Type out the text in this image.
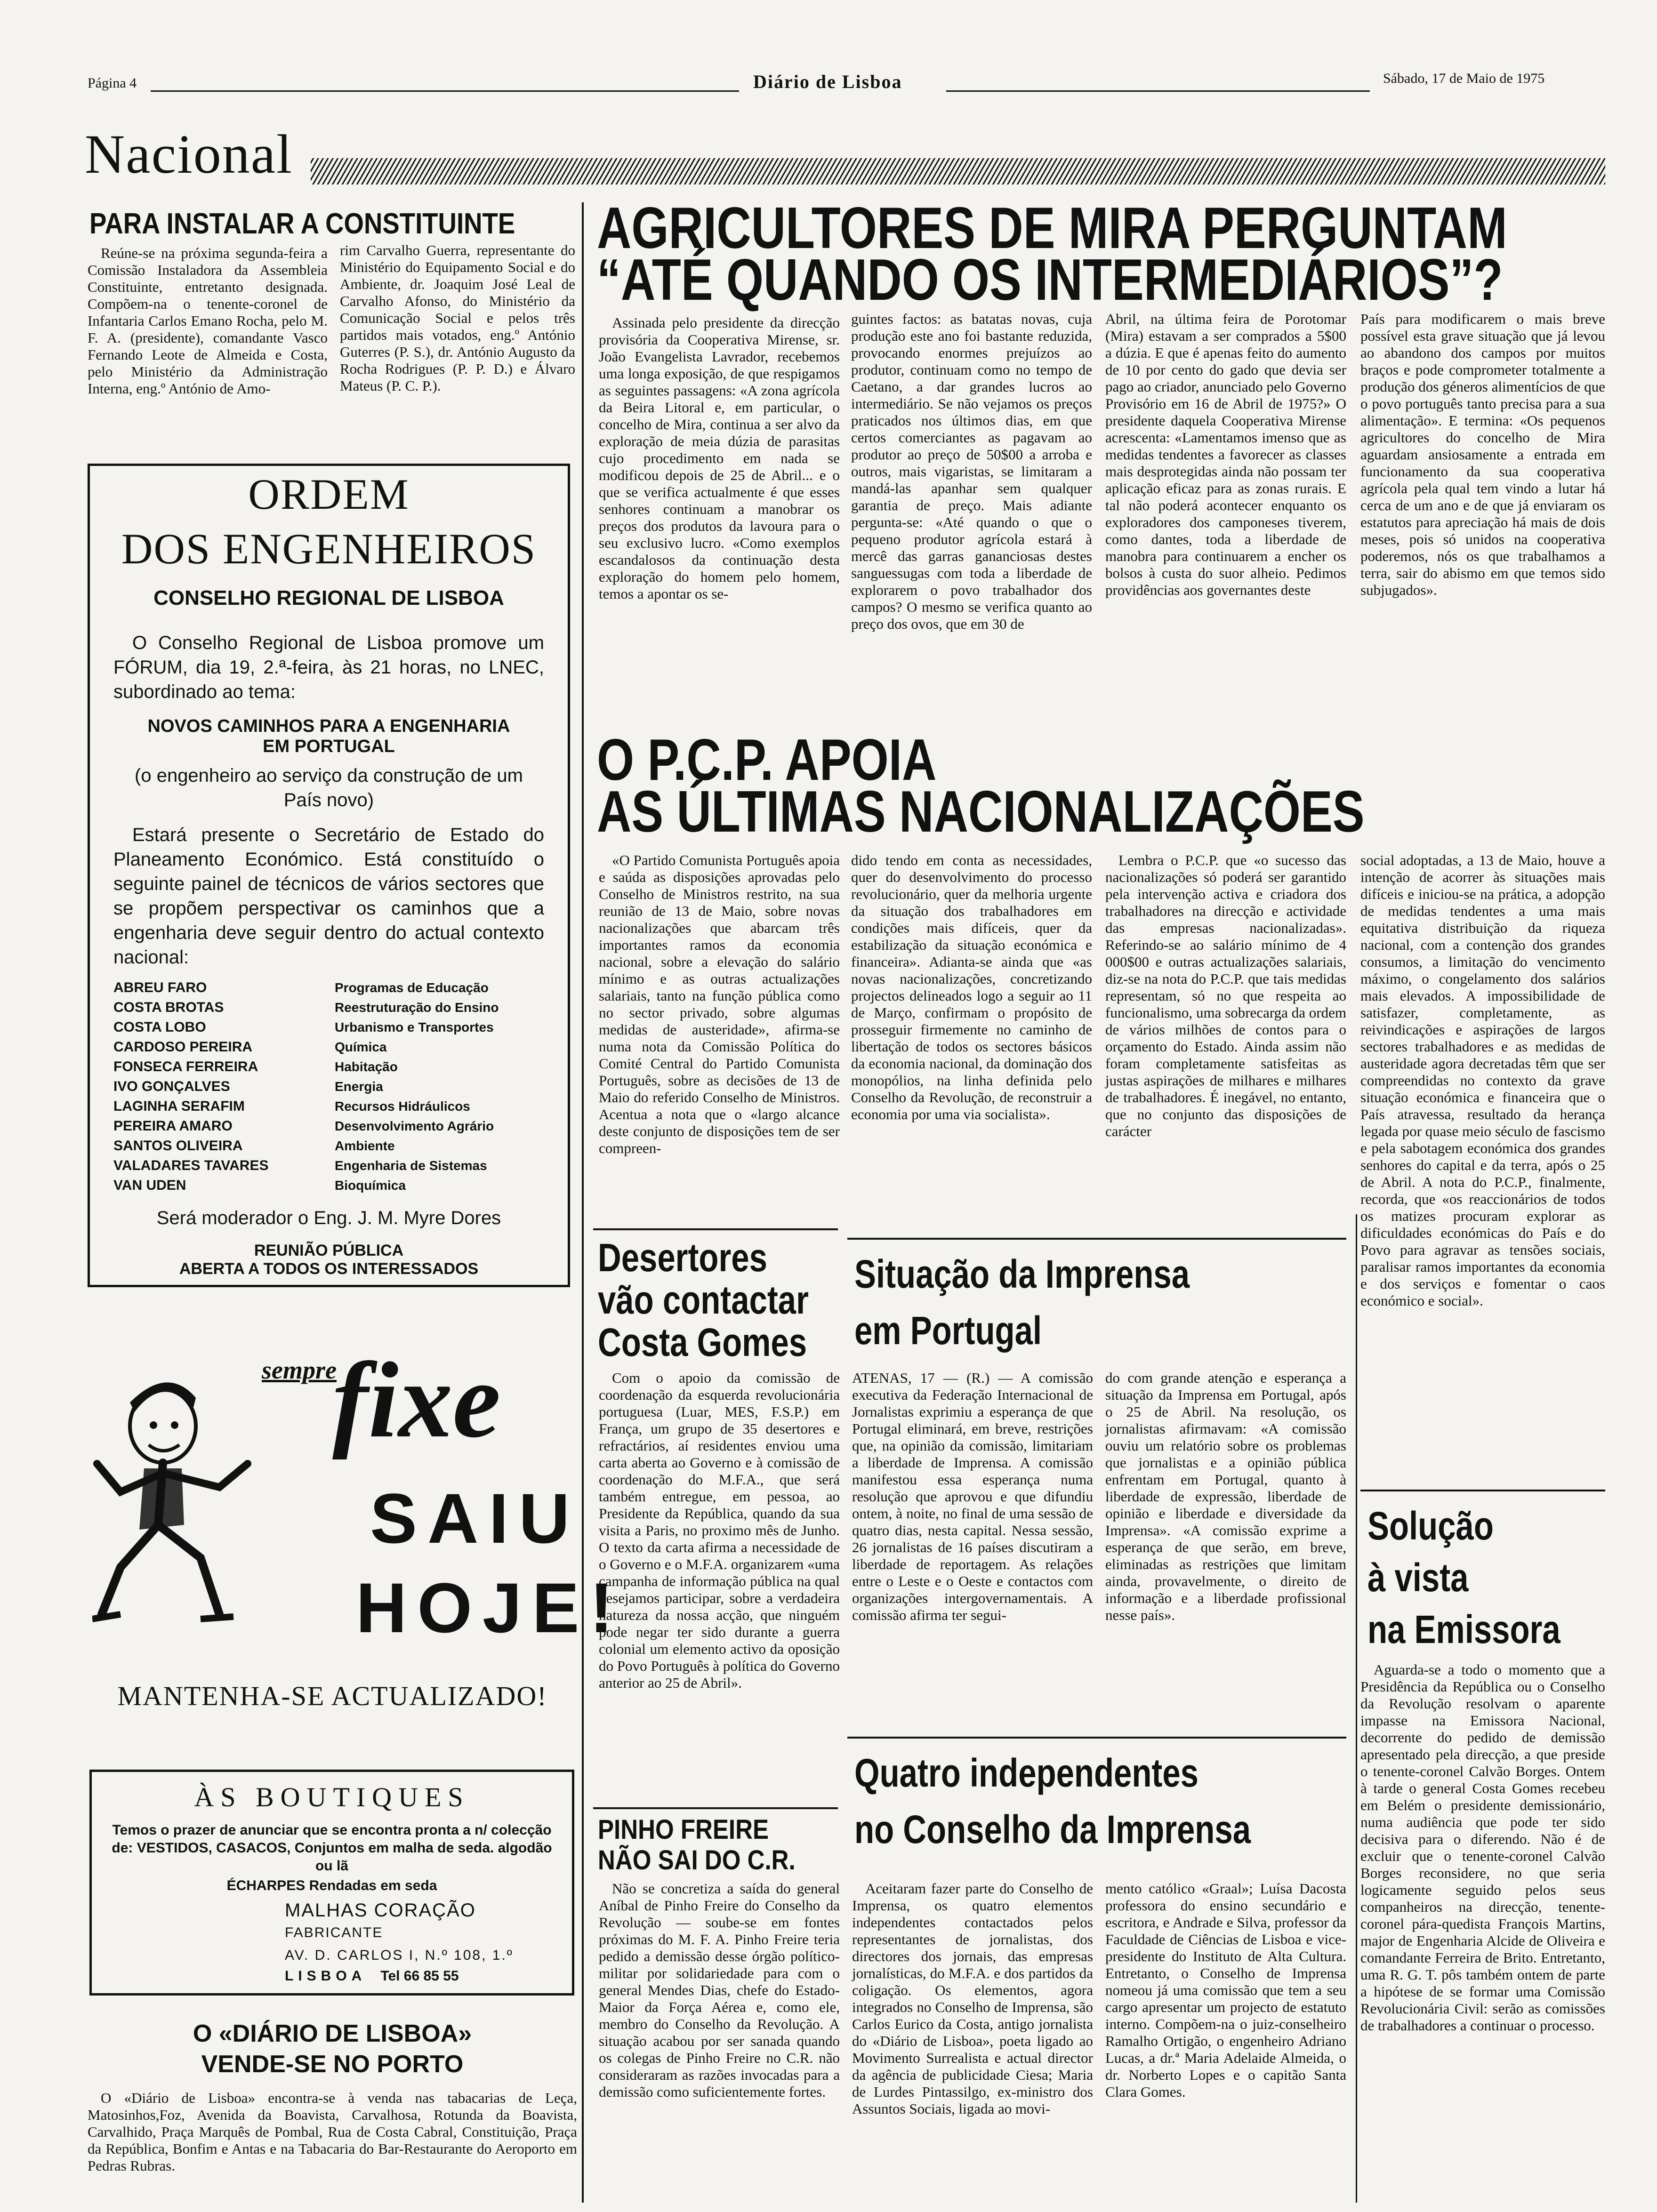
Página 4	Diário de Lisboa	Sábado, 17 de Maio de 1975
Nacional
PARA INSTALAR A CONSTITUINTE

Reúne-se na próxima segunda-feira a Comissão Instaladora da Assembleia Constituinte, entretanto designada. Compõem-na o tenente-coronel de Infantaria Carlos Emano Rocha, pelo M. F. A. (presidente), comandante Vasco Fernando Leote de Almeida e Costa, pelo Ministério da Administração Interna, eng.º António de Amo-

rim Carvalho Guerra, representante do Ministério do Equipamento Social e do Ambiente, dr. Joaquim José Leal de Carvalho Afonso, do Ministério da Comunicação Social e pelos três partidos mais votados, eng.º António Guterres (P. S.), dr. António Augusto da Rocha Rodrigues (P. P. D.) e Álvaro Mateus (P. C. P.).

ORDEM
DOS ENGENHEIROS
CONSELHO REGIONAL DE LISBOA
O Conselho Regional de Lisboa promove um FÓRUM, dia 19, 2.ª-feira, às 21 horas, no LNEC, subordinado ao tema:
NOVOS CAMINHOS PARA A ENGENHARIA
EM PORTUGAL
(o engenheiro ao serviço da construção de um País novo)
Estará presente o Secretário de Estado do Planeamento Económico. Está constituído o seguinte painel de técnicos de vários sectores que se propõem perspectivar os caminhos que a engenharia deve seguir dentro do actual contexto nacional:
ABREU FARO	Programas de Educação
COSTA BROTAS	Reestruturação do Ensino
COSTA LOBO	Urbanismo e Transportes
CARDOSO PEREIRA	Química
FONSECA FERREIRA	Habitação
IVO GONÇALVES	Energia
LAGINHA SERAFIM	Recursos Hidráulicos
PEREIRA AMARO	Desenvolvimento Agrário
SANTOS OLIVEIRA	Ambiente
VALADARES TAVARES	Engenharia de Sistemas
VAN UDEN	Bioquímica
Será moderador o Eng. J. M. Myre Dores
REUNIÃO PÚBLICA
ABERTA A TODOS OS INTERESSADOS
sempre
fixe
SAIU
HOJE!
MANTENHA-SE ACTUALIZADO!
ÀS BOUTIQUES
Temos o prazer de anunciar que se encontra pronta a n/ colecção de: VESTIDOS, CASACOS, Conjuntos em malha de seda. algodão ou lã
ÉCHARPES Rendadas em seda
MALHAS CORAÇÃO
FABRICANTE
AV. D. CARLOS I, N.º 108, 1.º
LISBOA Tel 66 85 55
O «DIÁRIO DE LISBOA»
VENDE-SE NO PORTO

O «Diário de Lisboa» encontra-se à venda nas tabacarias de Leça, Matosinhos,Foz, Avenida da Boavista, Carvalhosa, Rotunda da Boavista, Carvalhido, Praça Marquês de Pombal, Rua de Costa Cabral, Constituição, Praça da República, Bonfim e Antas e na Tabacaria do Bar-Restaurante do Aeroporto em Pedras Rubras.

AGRICULTORES DE MIRA PERGUNTAM
“ATÉ QUANDO OS INTERMEDIÁRIOS”?

Assinada pelo presidente da direcção provisória da Cooperativa Mirense, sr. João Evangelista Lavrador, recebemos uma longa exposição, de que respigamos as seguintes passagens: «A zona agrícola da Beira Litoral e, em particular, o concelho de Mira, continua a ser alvo da exploração de meia dúzia de parasitas cujo procedimento em nada se modificou depois de 25 de Abril... e o que se verifica actualmente é que esses senhores continuam a manobrar os preços dos produtos da lavoura para o seu exclusivo lucro. «Como exemplos escandalosos da continuação desta exploração do homem pelo homem, temos a apontar os se-

guintes factos: as batatas novas, cuja produção este ano foi bastante reduzida, provocando enormes prejuízos ao produtor, continuam como no tempo de Caetano, a dar grandes lucros ao intermediário. Se não vejamos os preços praticados nos últimos dias, em que certos comerciantes as pagavam ao produtor ao preço de 50$00 a arroba e outros, mais vigaristas, se limitaram a mandá-las apanhar sem qualquer garantia de preço. Mais adiante pergunta-se: «Até quando o que o pequeno produtor agrícola estará à mercê das garras gananciosas destes sanguessugas com toda a liberdade de explorarem o povo trabalhador dos campos? O mesmo se verifica quanto ao preço dos ovos, que em 30 de

Abril, na última feira de Porotomar (Mira) estavam a ser comprados a 5$00 a dúzia. E que é apenas feito do aumento de 10 por cento do gado que devia ser pago ao criador, anunciado pelo Governo Provisório em 16 de Abril de 1975?» O presidente daquela Cooperativa Mirense acrescenta: «Lamentamos imenso que as medidas tendentes a favorecer as classes mais desprotegidas ainda não possam ter aplicação eficaz para as zonas rurais. E tal não poderá acontecer enquanto os exploradores dos camponeses tiverem, como dantes, toda a liberdade de manobra para continuarem a encher os bolsos à custa do suor alheio. Pedimos providências aos governantes deste

País para modificarem o mais breve possível esta grave situação que já levou ao abandono dos campos por muitos braços e pode comprometer totalmente a produção dos géneros alimentícios de que o povo português tanto precisa para a sua alimentação». E termina: «Os pequenos agricultores do concelho de Mira aguardam ansiosamente a entrada em funcionamento da sua cooperativa agrícola pela qual tem vindo a lutar há cerca de um ano e de que já enviaram os estatutos para apreciação há mais de dois meses, pois só unidos na cooperativa poderemos, nós os que trabalhamos a terra, sair do abismo em que temos sido subjugados».

O P.C.P. APOIA
AS ÚLTIMAS NACIONALIZAÇÕES

«O Partido Comunista Português apoia e saúda as disposições aprovadas pelo Conselho de Ministros restrito, na sua reunião de 13 de Maio, sobre novas nacionalizações que abarcam três importantes ramos da economia nacional, sobre a elevação do salário mínimo e as outras actualizações salariais, tanto na função pública como no sector privado, sobre algumas medidas de austeridade», afirma-se numa nota da Comissão Política do Comité Central do Partido Comunista Português, sobre as decisões de 13 de Maio do referido Conselho de Ministros. Acentua a nota que o «largo alcance deste conjunto de disposições tem de ser compreen-

dido tendo em conta as necessidades, quer do desenvolvimento do processo revolucionário, quer da melhoria urgente da situação dos trabalhadores em condições mais difíceis, quer da estabilização da situação económica e financeira». Adianta-se ainda que «as novas nacionalizações, concretizando projectos delineados logo a seguir ao 11 de Março, confirmam o propósito de prosseguir firmemente no caminho de libertação de todos os sectores básicos da economia nacional, da dominação dos monopólios, na linha definida pelo Conselho da Revolução, de reconstruir a economia por uma via socialista».

Lembra o P.C.P. que «o sucesso das nacionalizações só poderá ser garantido pela intervenção activa e criadora dos trabalhadores na direcção e actividade das empresas nacionalizadas». Referindo-se ao salário mínimo de 4 000$00 e outras actualizações salariais, diz-se na nota do P.C.P. que tais medidas representam, só no que respeita ao funcionalismo, uma sobrecarga da ordem de vários milhões de contos para o orçamento do Estado. Ainda assim não foram completamente satisfeitas as justas aspirações de milhares e milhares de trabalhadores. É inegável, no entanto, que no conjunto das disposições de carácter

social adoptadas, a 13 de Maio, houve a intenção de acorrer às situações mais difíceis e iniciou-se na prática, a adopção de medidas tendentes a uma mais equitativa distribuição da riqueza nacional, com a contenção dos grandes consumos, a limitação do vencimento máximo, o congelamento dos salários mais elevados. A impossibilidade de satisfazer, completamente, as reivindicações e aspirações de largos sectores trabalhadores e as medidas de austeridade agora decretadas têm que ser compreendidas no contexto da grave situação económica e financeira que o País atravessa, resultado da herança legada por quase meio século de fascismo e pela sabotagem económica dos grandes senhores do capital e da terra, após o 25 de Abril. A nota do P.C.P., finalmente, recorda, que «os reaccionários de todos os matizes procuram explorar as dificuldades económicas do País e do Povo para agravar as tensões sociais, paralisar ramos importantes da economia e dos serviços e fomentar o caos económico e social».

Desertores
vão contactar
Costa Gomes

Com o apoio da comissão de coordenação da esquerda revolucionária portuguesa (Luar, MES, F.S.P.) em França, um grupo de 35 desertores e refractários, aí residentes enviou uma carta aberta ao Governo e à comissão de coordenação do M.F.A., que será também entregue, em pessoa, ao Presidente da República, quando da sua visita a Paris, no proximo mês de Junho. O texto da carta afirma a necessidade de o Governo e o M.F.A. organizarem «uma campanha de informação pública na qual desejamos participar, sobre a verdadeira natureza da nossa acção, que ninguém pode negar ter sido durante a guerra colonial um elemento activo da oposição do Povo Português à política do Governo anterior ao 25 de Abril».

PINHO FREIRE
NÃO SAI DO C.R.

Não se concretiza a saída do general Aníbal de Pinho Freire do Conselho da Revolução — soube-se em fontes próximas do M. F. A. Pinho Freire teria pedido a demissão desse órgão político-militar por solidariedade para com o general Mendes Dias, chefe do Estado-Maior da Força Aérea e, como ele, membro do Conselho da Revolução. A situação acabou por ser sanada quando os colegas de Pinho Freire no C.R. não consideraram as razões invocadas para a demissão como suficientemente fortes.

Situação da Imprensa
em Portugal

ATENAS, 17 — (R.) — A comissão executiva da Federação Internacional de Jornalistas exprimiu a esperança de que Portugal eliminará, em breve, restrições que, na opinião da comissão, limitariam a liberdade de Imprensa. A comissão manifestou essa esperança numa resolução que aprovou e que difundiu ontem, à noite, no final de uma sessão de quatro dias, nesta capital. Nessa sessão, 26 jornalistas de 16 países discutiram a liberdade de reportagem. As relações entre o Leste e o Oeste e contactos com organizações intergovernamentais. A comissão afirma ter segui-

do com grande atenção e esperança a situação da Imprensa em Portugal, após o 25 de Abril. Na resolução, os jornalistas afirmavam: «A comissão ouviu um relatório sobre os problemas que jornalistas e a opinião pública enfrentam em Portugal, quanto à liberdade de expressão, liberdade de opinião e liberdade e diversidade da Imprensa». «A comissão exprime a esperança de que serão, em breve, eliminadas as restrições que limitam ainda, provavelmente, o direito de informação e a liberdade profissional nesse país».

Quatro independentes
no Conselho da Imprensa

Aceitaram fazer parte do Conselho de Imprensa, os quatro elementos independentes contactados pelos representantes de jornalistas, dos directores dos jornais, das empresas jornalísticas, do M.F.A. e dos partidos da coligação. Os elementos, agora integrados no Conselho de Imprensa, são Carlos Eurico da Costa, antigo jornalista do «Diário de Lisboa», poeta ligado ao Movimento Surrealista e actual director da agência de publicidade Ciesa; Maria de Lurdes Pintassilgo, ex-ministro dos Assuntos Sociais, ligada ao movi-

mento católico «Graal»; Luísa Dacosta professora do ensino secundário e escritora, e Andrade e Silva, professor da Faculdade de Ciências de Lisboa e vice-presidente do Instituto de Alta Cultura. Entretanto, o Conselho de Imprensa nomeou já uma comissão que tem a seu cargo apresentar um projecto de estatuto interno. Compõem-na o juiz-conselheiro Ramalho Ortigão, o engenheiro Adriano Lucas, a dr.ª Maria Adelaide Almeida, o dr. Norberto Lopes e o capitão Santa Clara Gomes.

Solução
à vista
na Emissora

Aguarda-se a todo o momento que a Presidência da República ou o Conselho da Revolução resolvam o aparente impasse na Emissora Nacional, decorrente do pedido de demissão apresentado pela direcção, a que preside o tenente-coronel Calvão Borges. Ontem à tarde o general Costa Gomes recebeu em Belém o presidente demissionário, numa audiência que pode ter sido decisiva para o diferendo. Não é de excluir que o tenente-coronel Calvão Borges reconsidere, no que seria logicamente seguido pelos seus companheiros na direcção, tenente-coronel pára-quedista François Martins, major de Engenharia Alcide de Oliveira e comandante Ferreira de Brito. Entretanto, uma R. G. T. pôs também ontem de parte a hipótese de se formar uma Comissão Revolucionária Civil: serão as comissões de trabalhadores a continuar o processo.
